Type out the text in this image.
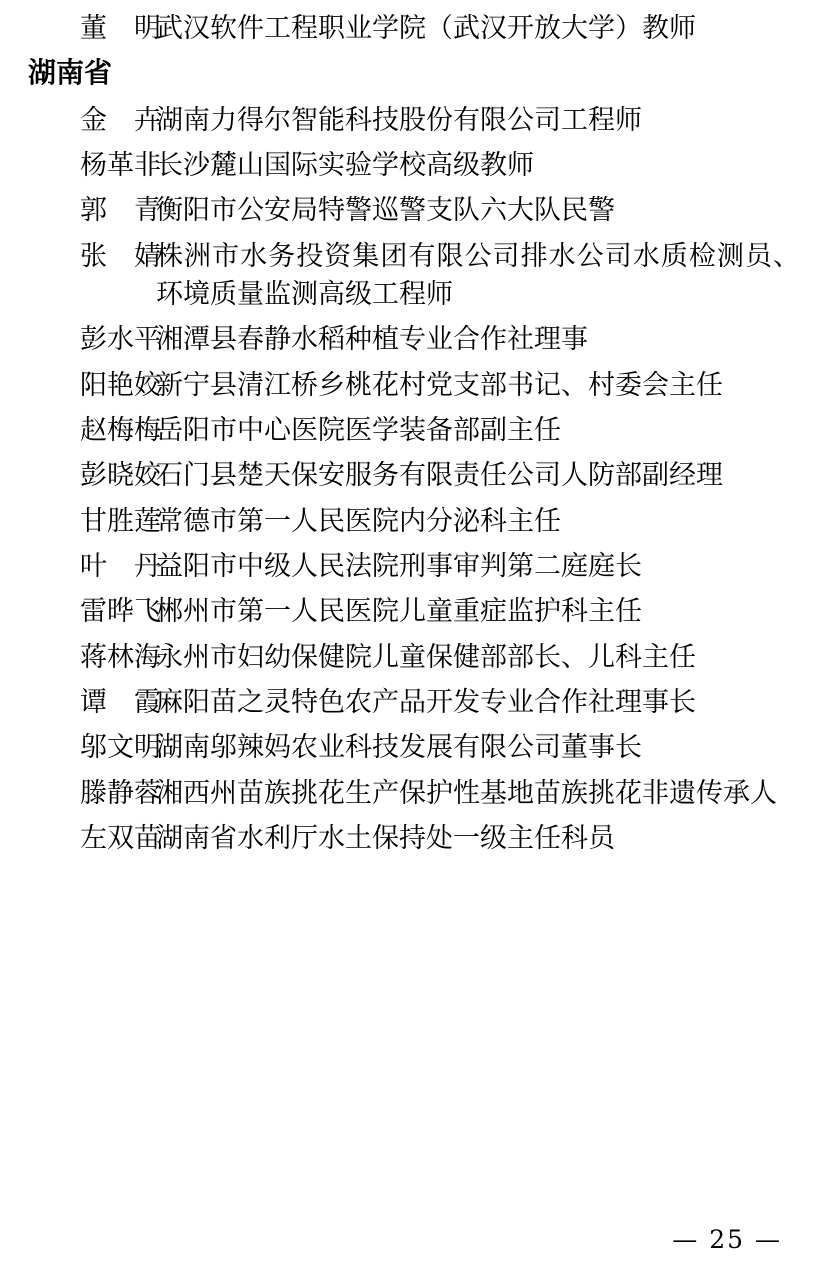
董　明
武汉软件工程职业学院（武汉开放大学）教师
湖南省
金　卉
湖南力得尔智能科技股份有限公司工程师
杨革非
长沙麓山国际实验学校高级教师
郭　青
衡阳市公安局特警巡警支队六大队民警
张　婧
株洲市水务投资集团有限公司排水公司水质检测员、环境质量监测高级工程师
彭水平
湘潭县春静水稻种植专业合作社理事
阳艳姣
新宁县清江桥乡桃花村党支部书记、村委会主任
赵梅梅
岳阳市中心医院医学装备部副主任
彭晓姣
石门县楚天保安服务有限责任公司人防部副经理
甘胜莲
常德市第一人民医院内分泌科主任
叶　丹
益阳市中级人民法院刑事审判第二庭庭长
雷晔飞
郴州市第一人民医院儿童重症监护科主任
蒋林海
永州市妇幼保健院儿童保健部部长、儿科主任
谭　霞
麻阳苗之灵特色农产品开发专业合作社理事长
邬文明
湖南邬辣妈农业科技发展有限公司董事长
滕静蓉
湘西州苗族挑花生产保护性基地苗族挑花非遗传承人
左双苗
湖南省水利厅水土保持处一级主任科员
— 25 —
